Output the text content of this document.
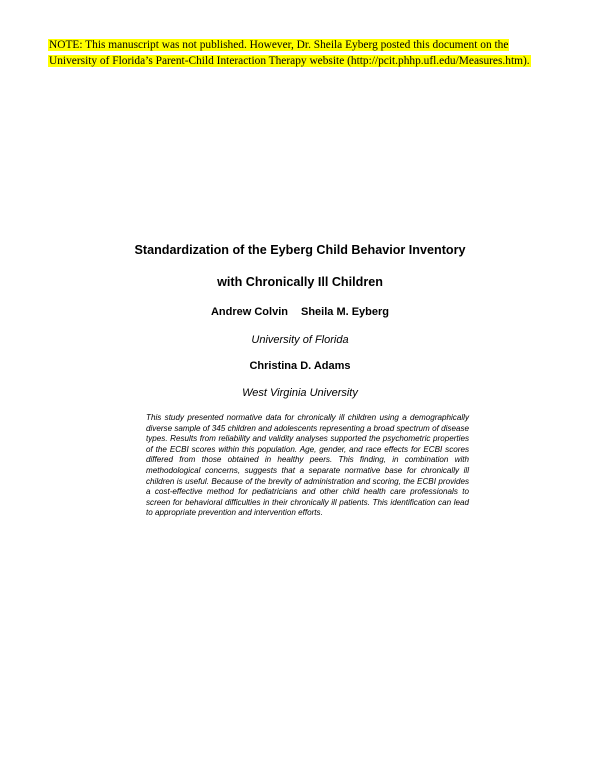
NOTE: This manuscript was not published. However, Dr. Sheila Eyberg posted this document on the
University of Florida’s Parent-Child Interaction Therapy website (http://pcit.phhp.ufl.edu/Measures.htm).
Standardization of the Eyberg Child Behavior Inventory
with Chronically Ill Children
Andrew Colvin Sheila M. Eyberg
University of Florida
Christina D. Adams
West Virginia University
This study presented normative data for chronically ill children using a demographically diverse sample of 345 children and adolescents representing a broad spectrum of disease types. Results from reliability and validity analyses supported the psychometric properties of the ECBI scores within this population. Age, gender, and race effects for ECBI scores differed from those obtained in healthy peers. This finding, in combination with methodological concerns, suggests that a separate normative base for chronically ill children is useful. Because of the brevity of administration and scoring, the ECBI provides a cost-effective method for pediatricians and other child health care professionals to screen for behavioral difficulties in their chronically ill patients. This identification can lead to appropriate prevention and intervention efforts.
